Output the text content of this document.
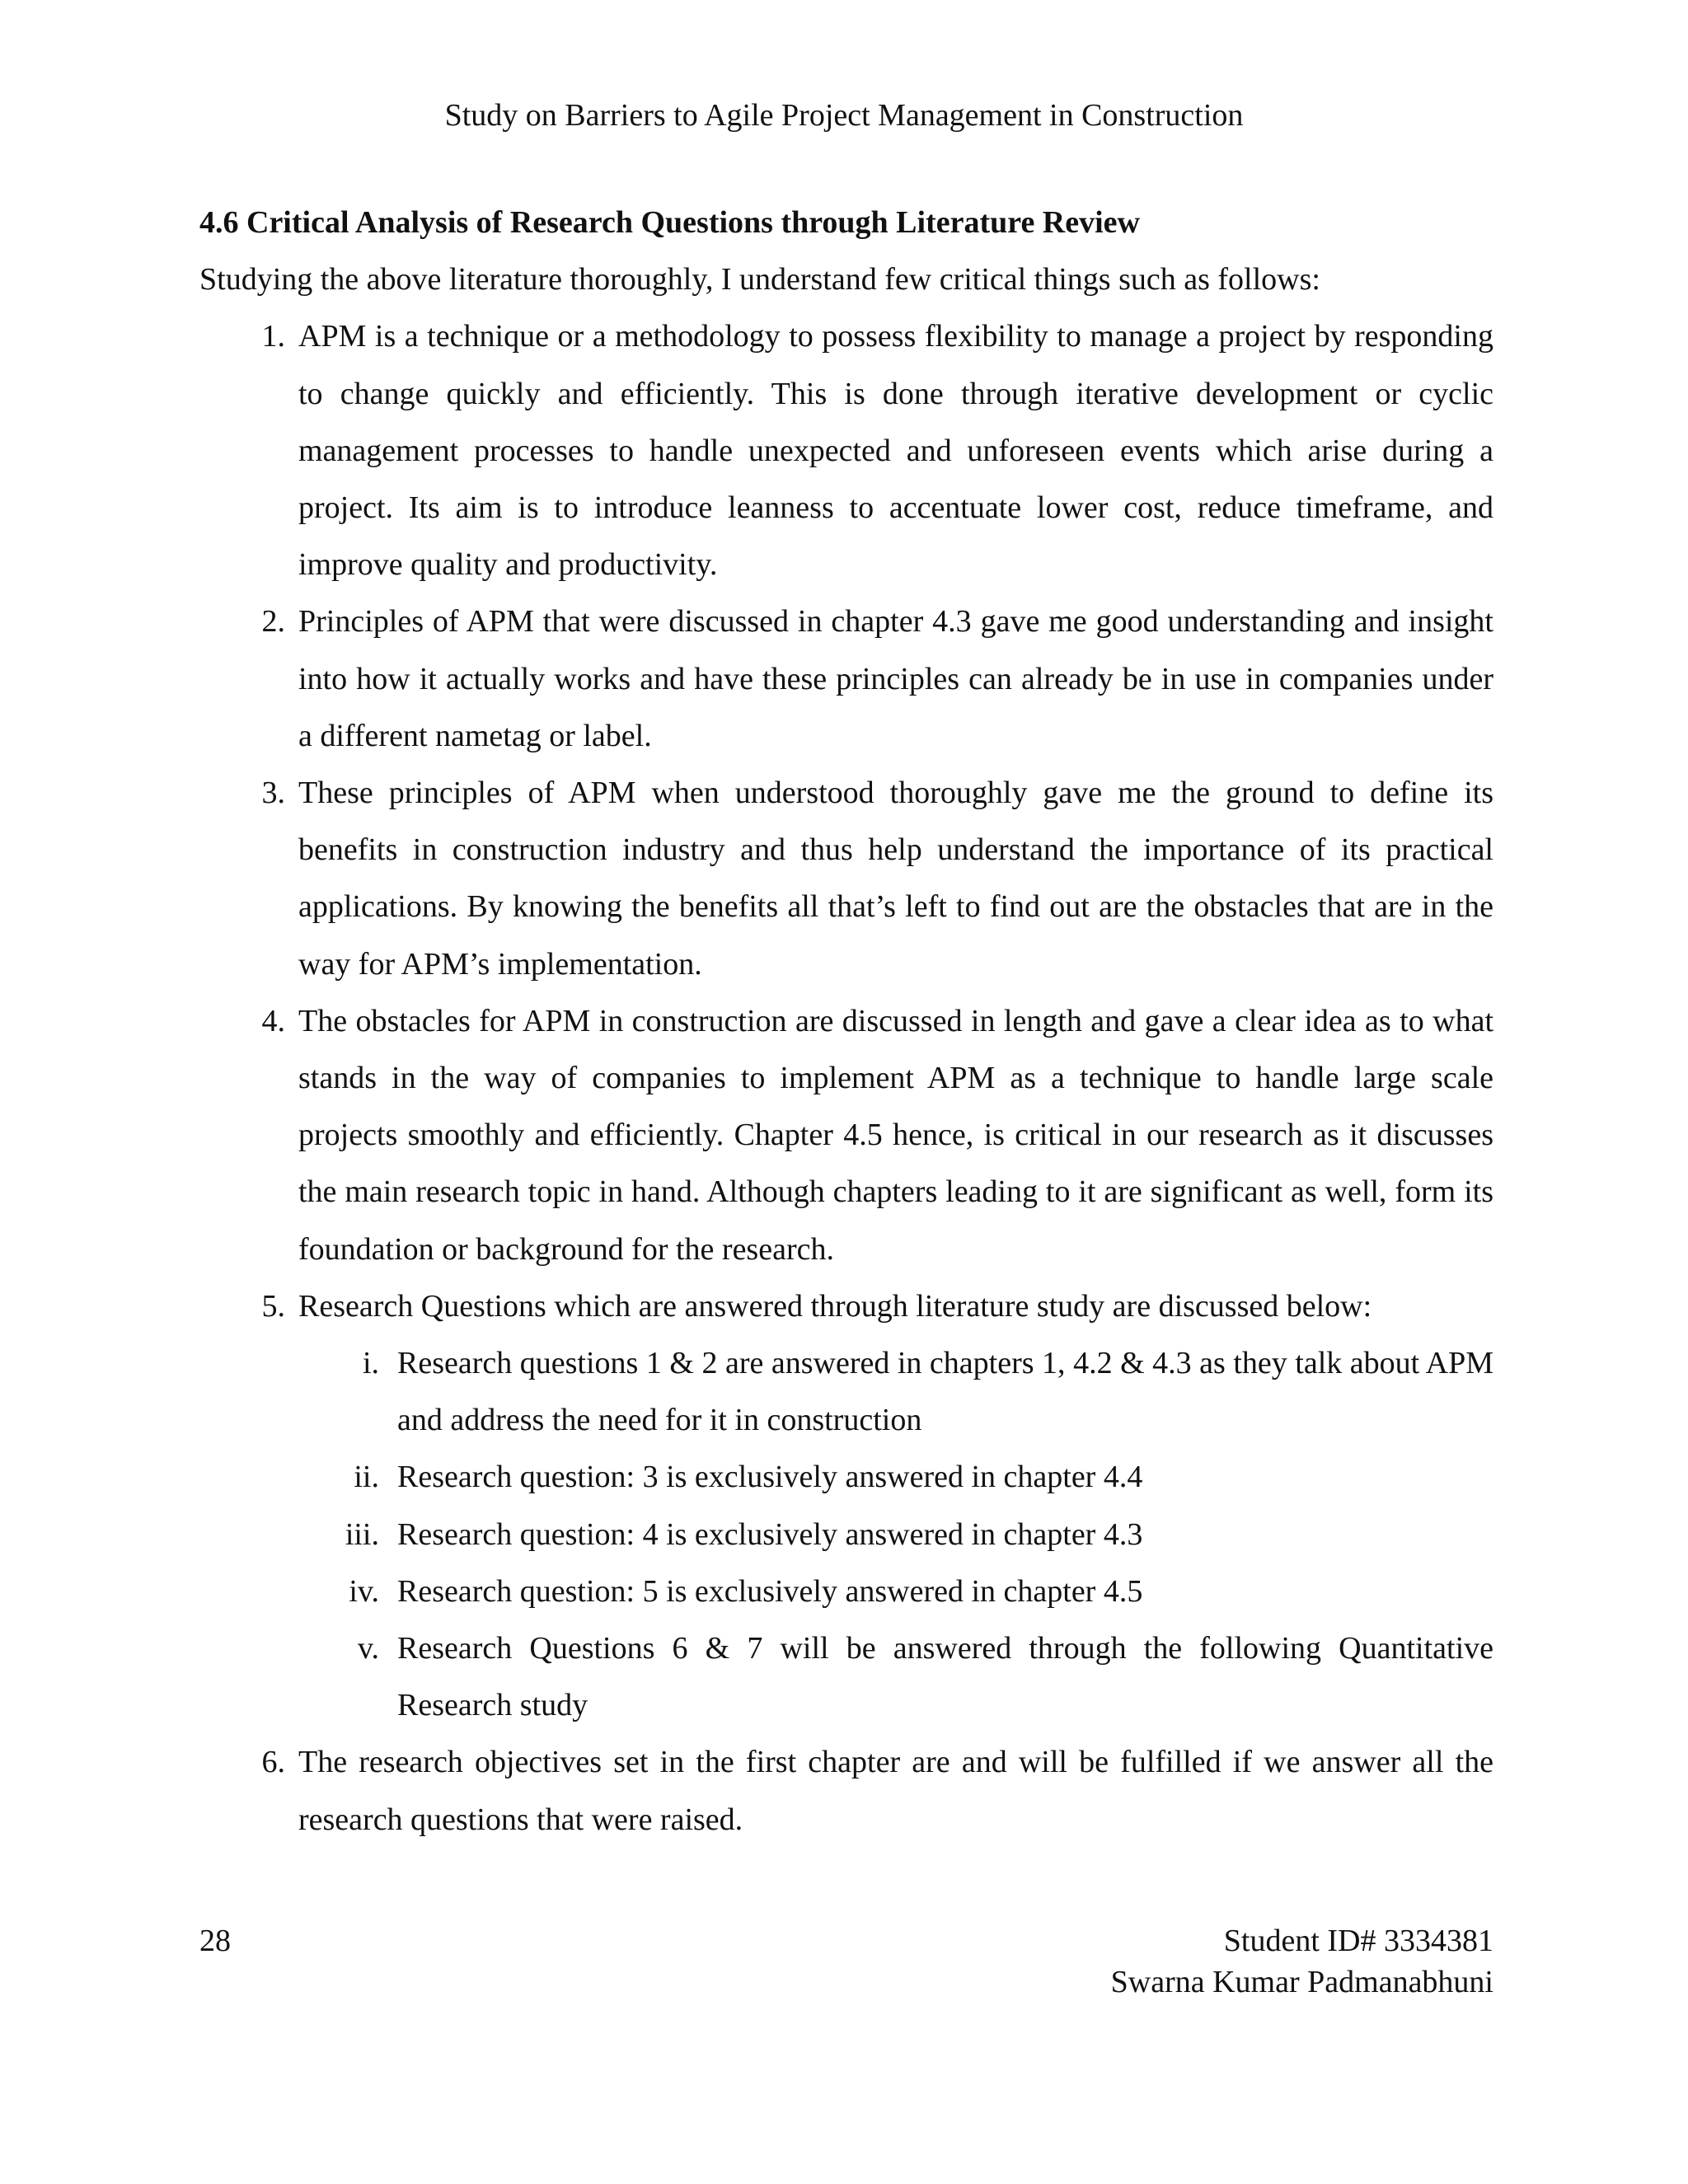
Study on Barriers to Agile Project Management in Construction
4.6 Critical Analysis of Research Questions through Literature Review

Studying the above literature thoroughly, I understand few critical things such as follows:

1. APM is a technique or a methodology to possess flexibility to manage a project by responding to change quickly and efficiently. This is done through iterative development or cyclic management processes to handle unexpected and unforeseen events which arise during a project. Its aim is to introduce leanness to accentuate lower cost, reduce timeframe, and improve quality and productivity.
2. Principles of APM that were discussed in chapter 4.3 gave me good understanding and insight into how it actually works and have these principles can already be in use in companies under a different nametag or label.
3. These principles of APM when understood thoroughly gave me the ground to define its benefits in construction industry and thus help understand the importance of its practical applications. By knowing the benefits all that’s left to find out are the obstacles that are in the way for APM’s implementation.
4. The obstacles for APM in construction are discussed in length and gave a clear idea as to what stands in the way of companies to implement APM as a technique to handle large scale projects smoothly and efficiently. Chapter 4.5 hence, is critical in our research as it discusses the main research topic in hand. Although chapters leading to it are significant as well, form its foundation or background for the research.
5. Research Questions which are answered through literature study are discussed below:
i. Research questions 1 & 2 are answered in chapters 1, 4.2 & 4.3 as they talk about APM and address the need for it in construction
ii. Research question: 3 is exclusively answered in chapter 4.4
iii. Research question: 4 is exclusively answered in chapter 4.3
iv. Research question: 5 is exclusively answered in chapter 4.5
v. Research Questions 6 & 7 will be answered through the following Quantitative Research study
6. The research objectives set in the first chapter are and will be fulfilled if we answer all the research questions that were raised.
28	Student ID# 3334381
Swarna Kumar Padmanabhuni
